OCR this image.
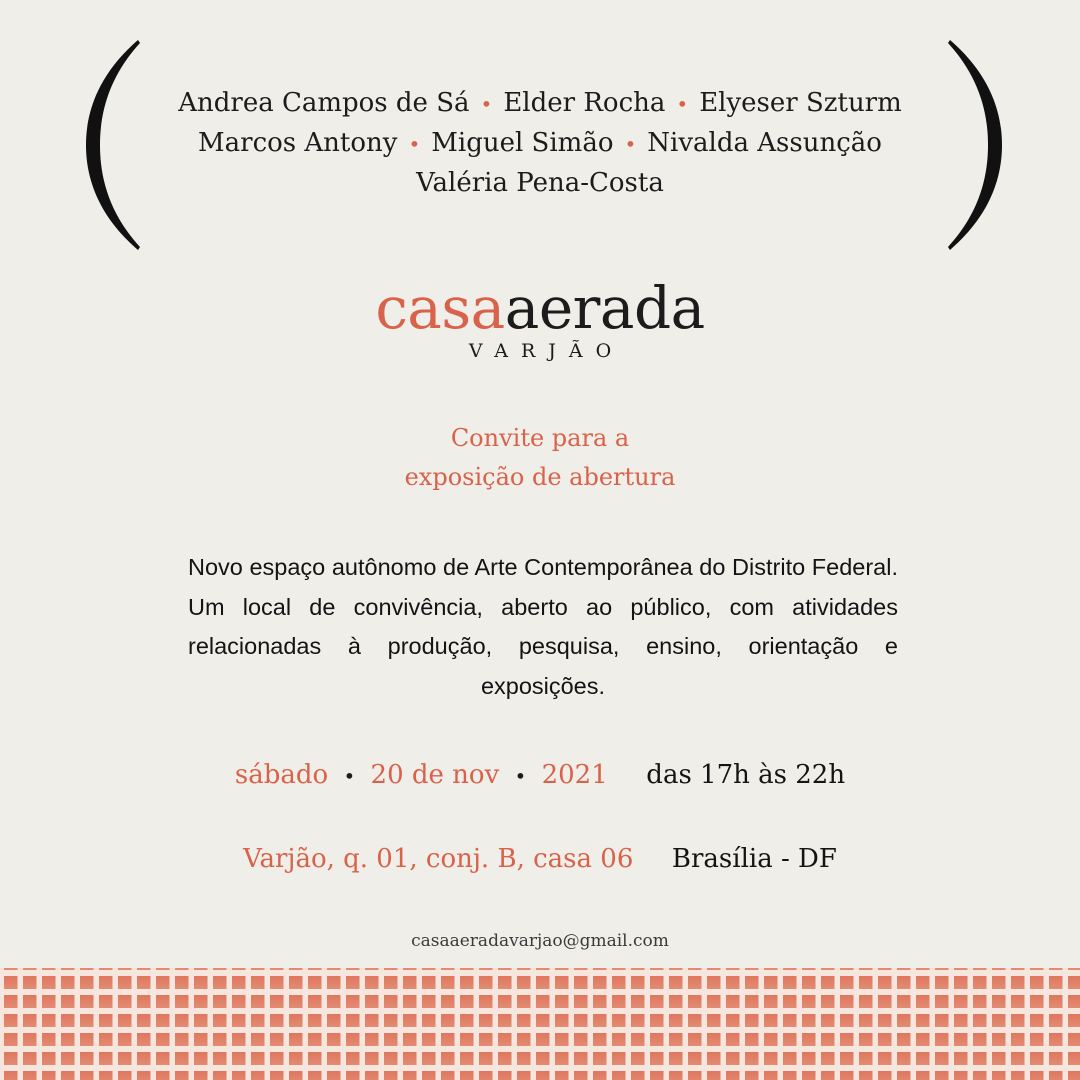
Andrea Campos de Sá • Elder Rocha • Elyeser Szturm
Marcos Antony • Miguel Simão • Nivalda Assunção
Valéria Pena-Costa
casaaerada
VARJÃO
Convite para a
exposição de abertura
Novo espaço autônomo de Arte Contemporânea do Distrito Federal. Um local de convivência, aberto ao público, com atividades relacionadas à produção, pesquisa, ensino, orientação e exposições.
sábado • 20 de nov • 2021 das 17h às 22h
Varjão, q. 01, conj. B, casa 06 Brasília - DF
casaaeradavarjao@gmail.com
